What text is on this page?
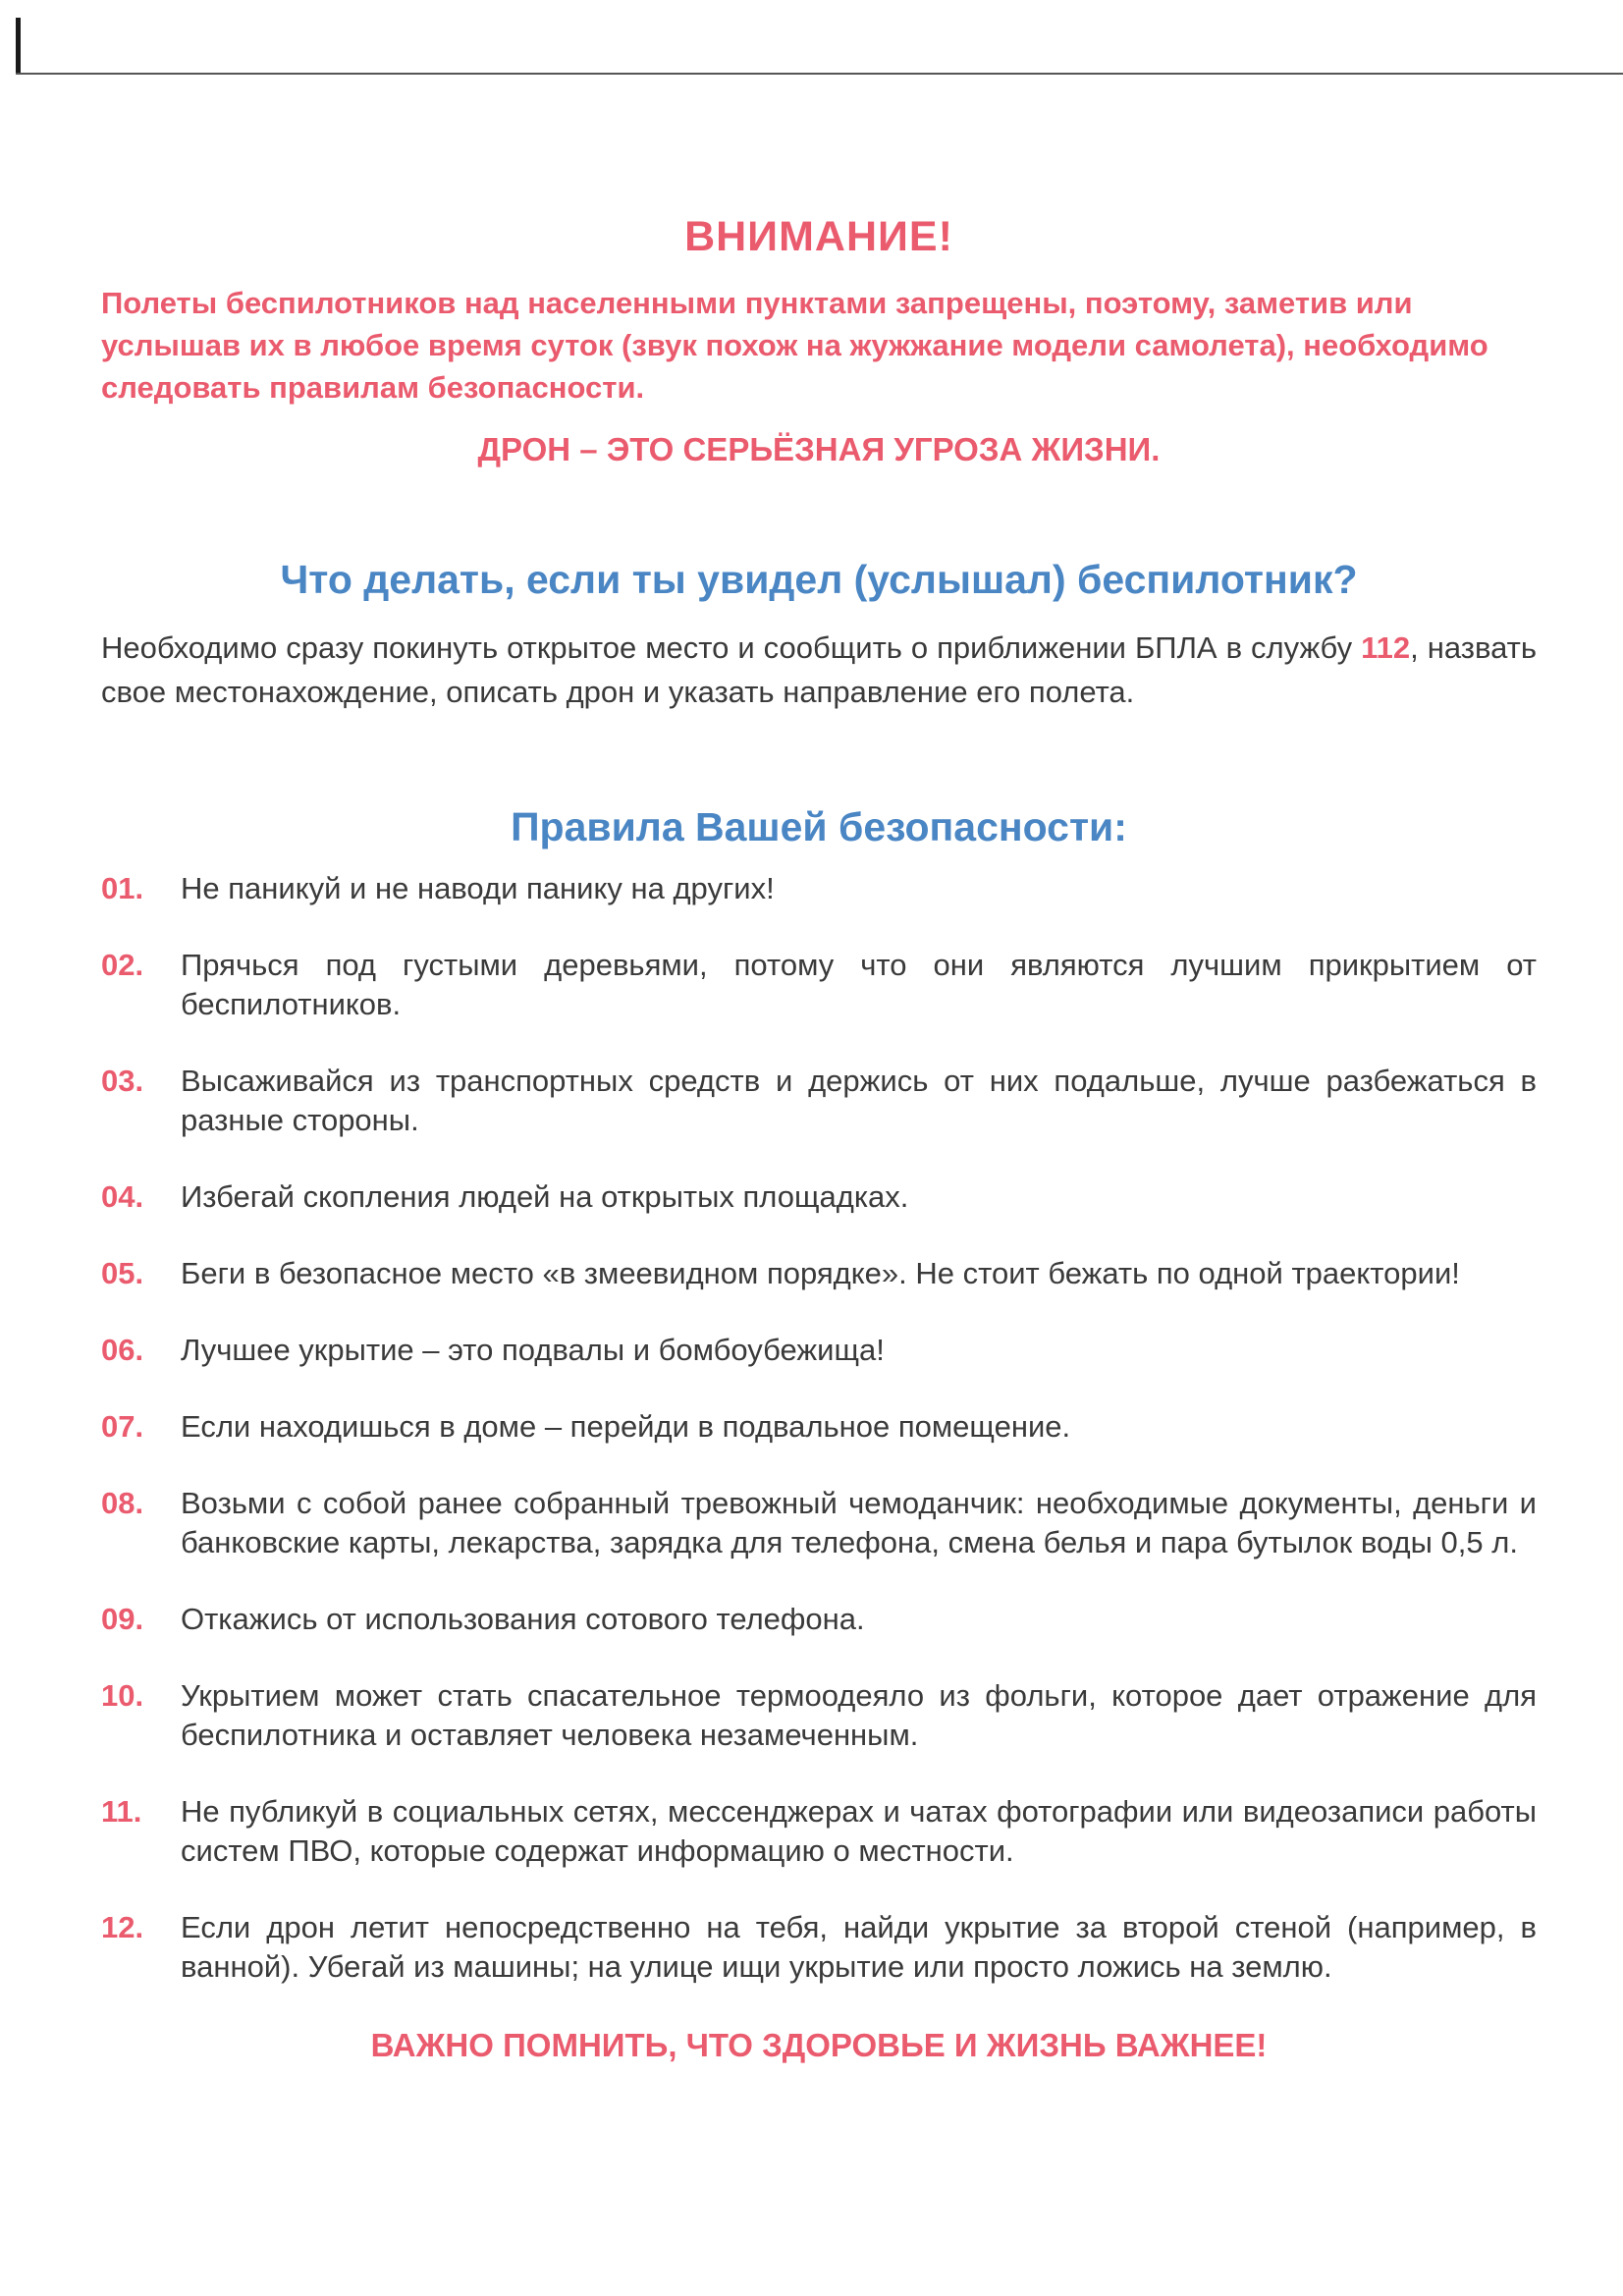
ВНИМАНИЕ!

Полеты беспилотников над населенными пунктами запрещены, поэтому, заметив или услышав их в любое время суток (звук похож на жужжание модели самолета), необходимо следовать правилам безопасности.

ДРОН – ЭТО СЕРЬЁЗНАЯ УГРОЗА ЖИЗНИ.

Что делать, если ты увидел (услышал) беспилотник?

Необходимо сразу покинуть открытое место и сообщить о приближении БПЛА в службу 112, назвать свое местонахождение, описать дрон и указать направление его полета.

Правила Вашей безопасности:
01.	Не паникуй и не наводи панику на других!
02.	Прячься под густыми деревьями, потому что они являются лучшим прикрытием от беспилотников.
03.	Высаживайся из транспортных средств и держись от них подальше, лучше разбежаться в разные стороны.
04.	Избегай скопления людей на открытых площадках.
05.	Беги в безопасное место «в змеевидном порядке». Не стоит бежать по одной траектории!
06.	Лучшее укрытие – это подвалы и бомбоубежища!
07.	Если находишься в доме – перейди в подвальное помещение.
08.	Возьми с собой ранее собранный тревожный чемоданчик: необходимые документы, деньги и банковские карты, лекарства, зарядка для телефона, смена белья и пара бутылок воды 0,5 л.
09.	Откажись от использования сотового телефона.
10.	Укрытием может стать спасательное термоодеяло из фольги, которое дает отражение для беспилотника и оставляет человека незамеченным.
11.	Не публикуй в социальных сетях, мессенджерах и чатах фотографии или видеозаписи работы систем ПВО, которые содержат информацию о местности.
12.	Если дрон летит непосредственно на тебя, найди укрытие за второй стеной (например, в ванной). Убегай из машины; на улице ищи укрытие или просто ложись на землю.

ВАЖНО ПОМНИТЬ, ЧТО ЗДОРОВЬЕ И ЖИЗНЬ ВАЖНЕЕ!
